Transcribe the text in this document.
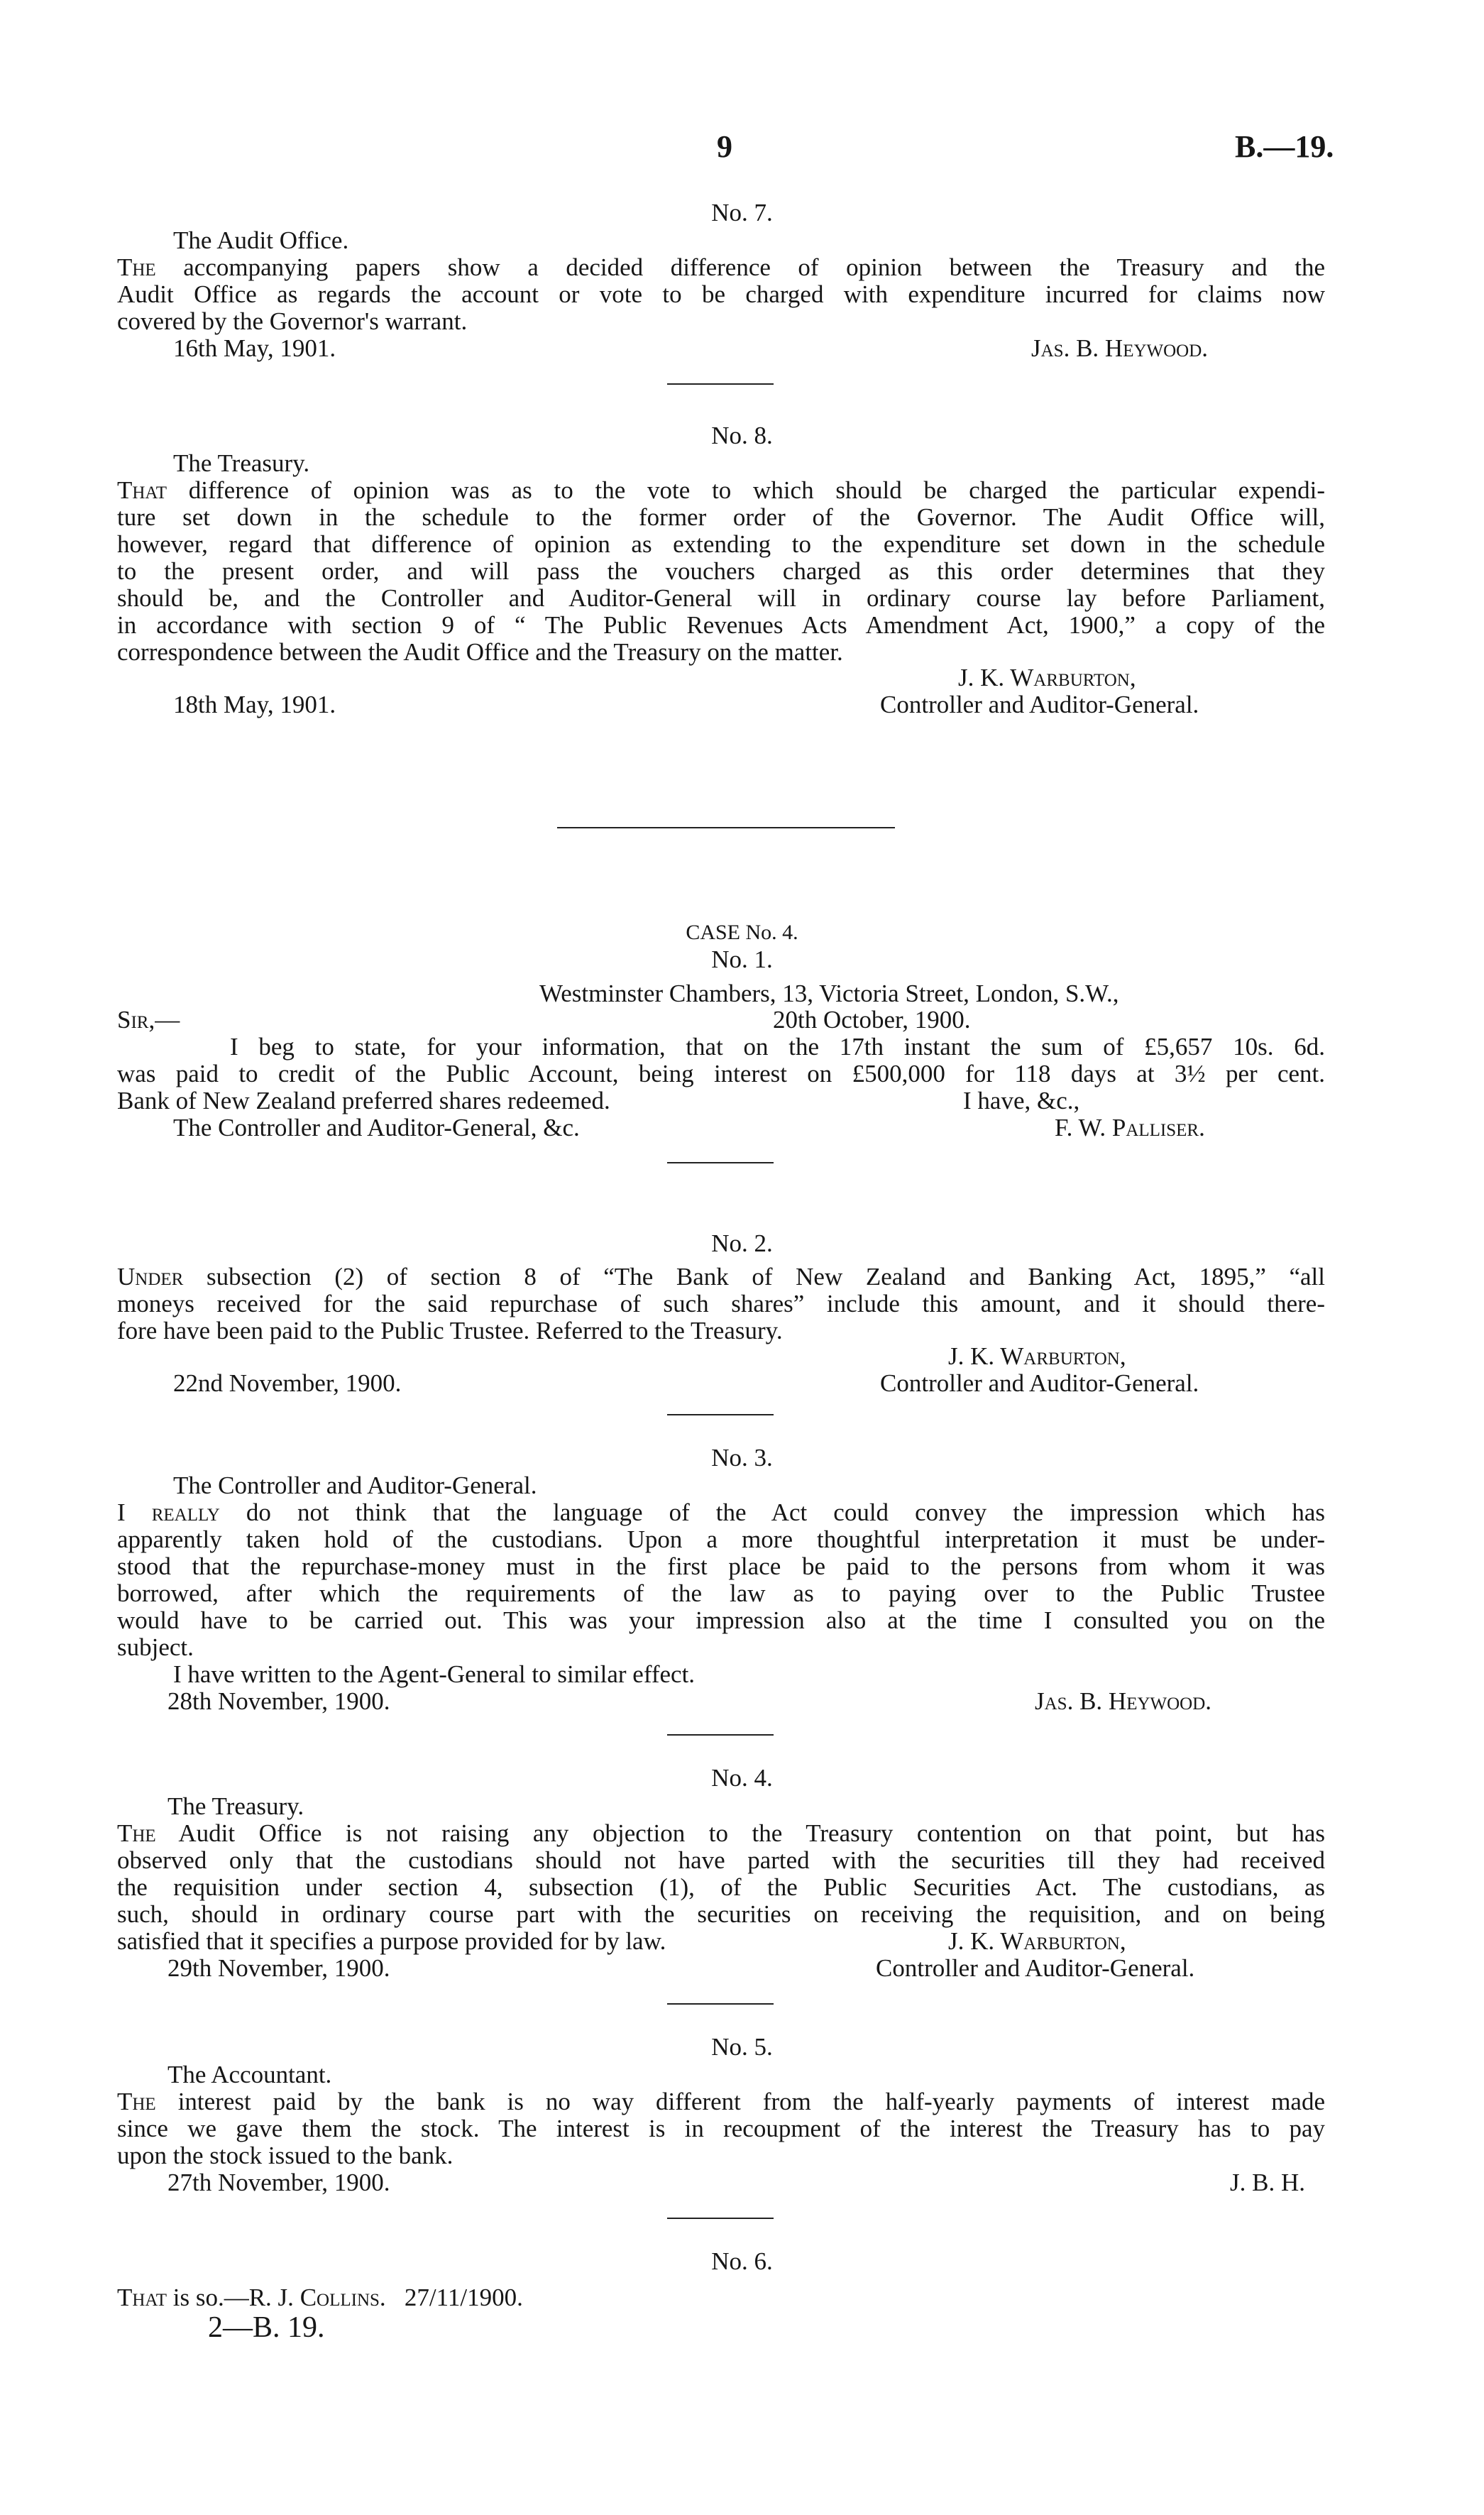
9	B.—19.
No. 7.
The Audit Office.
The accompanying papers show a decided difference of opinion between the Treasury and the
Audit Office as regards the account or vote to be charged with expenditure incurred for claims now
covered by the Governor's warrant.
16th May, 1901.	Jas. B. Heywood.
No. 8.
The Treasury.
That difference of opinion was as to the vote to which should be charged the particular expendi-
ture set down in the schedule to the former order of the Governor. The Audit Office will,
however, regard that difference of opinion as extending to the expenditure set down in the schedule
to the present order, and will pass the vouchers charged as this order determines that they
should be, and the Controller and Auditor-General will in ordinary course lay before Parliament,
in accordance with section 9 of “ The Public Revenues Acts Amendment Act, 1900,” a copy of the
correspondence between the Audit Office and the Treasury on the matter.
J. K. Warburton,
18th May, 1901.	Controller and Auditor-General.
CASE No. 4.
No. 1.
Westminster Chambers, 13, Victoria Street, London, S.W.,
Sir,—	20th October, 1900.
I beg to state, for your information, that on the 17th instant the sum of £5,657 10s. 6d.
was paid to credit of the Public Account, being interest on £500,000 for 118 days at 3½ per cent.
Bank of New Zealand preferred shares redeemed.	I have, &c.,
The Controller and Auditor-General, &c.	F. W. Palliser.
No. 2.
Under subsection (2) of section 8 of “The Bank of New Zealand and Banking Act, 1895,” “all
moneys received for the said repurchase of such shares” include this amount, and it should there-
fore have been paid to the Public Trustee. Referred to the Treasury.
J. K. Warburton,
22nd November, 1900.	Controller and Auditor-General.
No. 3.
The Controller and Auditor-General.
I really do not think that the language of the Act could convey the impression which has
apparently taken hold of the custodians. Upon a more thoughtful interpretation it must be under-
stood that the repurchase-money must in the first place be paid to the persons from whom it was
borrowed, after which the requirements of the law as to paying over to the Public Trustee
would have to be carried out. This was your impression also at the time I consulted you on the
subject.
I have written to the Agent-General to similar effect.
28th November, 1900.	Jas. B. Heywood.
No. 4.
The Treasury.
The Audit Office is not raising any objection to the Treasury contention on that point, but has
observed only that the custodians should not have parted with the securities till they had received
the requisition under section 4, subsection (1), of the Public Securities Act. The custodians, as
such, should in ordinary course part with the securities on receiving the requisition, and on being
satisfied that it specifies a purpose provided for by law.	J. K. Warburton,
29th November, 1900.	Controller and Auditor-General.
No. 5.
The Accountant.
The interest paid by the bank is no way different from the half-yearly payments of interest made
since we gave them the stock. The interest is in recoupment of the interest the Treasury has to pay
upon the stock issued to the bank.
27th November, 1900.	J. B. H.
No. 6.
That is so.—R. J. Collins. 27/11/1900.
2—B. 19.
